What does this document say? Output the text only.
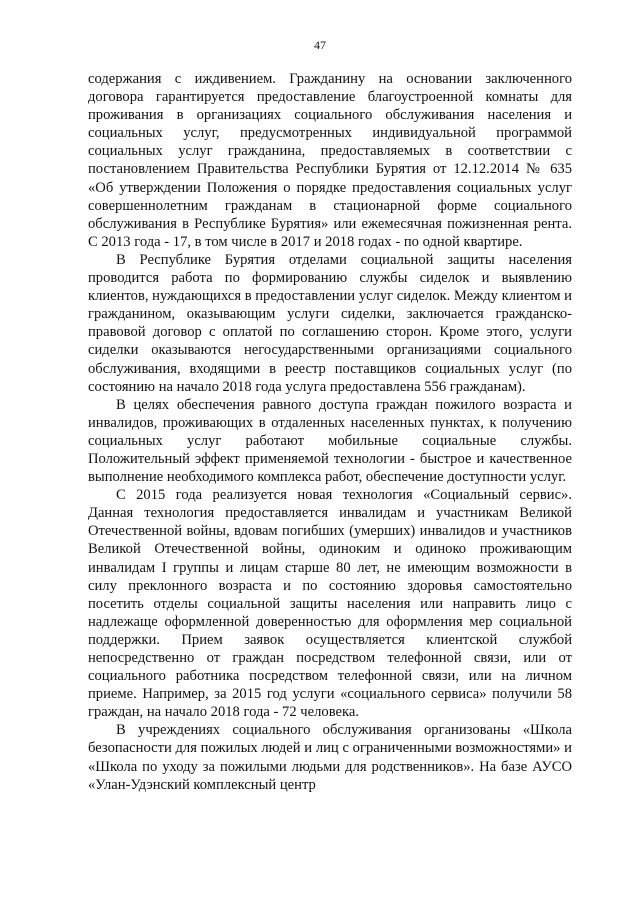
47

содержания с иждивением. Гражданину на основании заключенного договора гарантируется предоставление благоустроенной комнаты для проживания в организациях социального обслуживания населения и социальных услуг, предусмотренных индивидуальной программой социальных услуг гражданина, предоставляемых в соответствии с постановлением Правительства Республики Бурятия от 12.12.2014 № 635 «Об утверждении Положения о порядке предоставления социальных услуг совершеннолетним гражданам в стационарной форме социального обслуживания в Республике Бурятия» или ежемесячная пожизненная рента. С 2013 года - 17, в том числе в 2017 и 2018 годах - по одной квартире.

В Республике Бурятия отделами социальной защиты населения проводится работа по формированию службы сиделок и выявлению клиентов, нуждающихся в предоставлении услуг сиделок. Между клиентом и гражданином, оказывающим услуги сиделки, заключается гражданско-правовой договор с оплатой по соглашению сторон. Кроме этого, услуги сиделки оказываются негосударственными организациями социального обслуживания, входящими в реестр поставщиков социальных услуг (по состоянию на начало 2018 года услуга предоставлена 556 гражданам).

В целях обеспечения равного доступа граждан пожилого возраста и инвалидов, проживающих в отдаленных населенных пунктах, к получению социальных услуг работают мобильные социальные службы. Положительный эффект применяемой технологии - быстрое и качественное выполнение необходимого комплекса работ, обеспечение доступности услуг.

С 2015 года реализуется новая технология «Социальный сервис». Данная технология предоставляется инвалидам и участникам Великой Отечественной войны, вдовам погибших (умерших) инвалидов и участников Великой Отечественной войны, одиноким и одиноко проживающим инвалидам I группы и лицам старше 80 лет, не имеющим возможности в силу преклонного возраста и по состоянию здоровья самостоятельно посетить отделы социальной защиты населения или направить лицо с надлежаще оформленной доверенностью для оформления мер социальной поддержки. Прием заявок осуществляется клиентской службой непосредственно от граждан посредством телефонной связи, или от социального работника посредством телефонной связи, или на личном приеме. Например, за 2015 год услуги «социального сервиса» получили 58 граждан, на начало 2018 года - 72 человека.

В учреждениях социального обслуживания организованы «Школа безопасности для пожилых людей и лиц с ограниченными возможностями» и «Школа по уходу за пожилыми людьми для родственников». На базе АУСО «Улан-Удэнский комплексный центр
